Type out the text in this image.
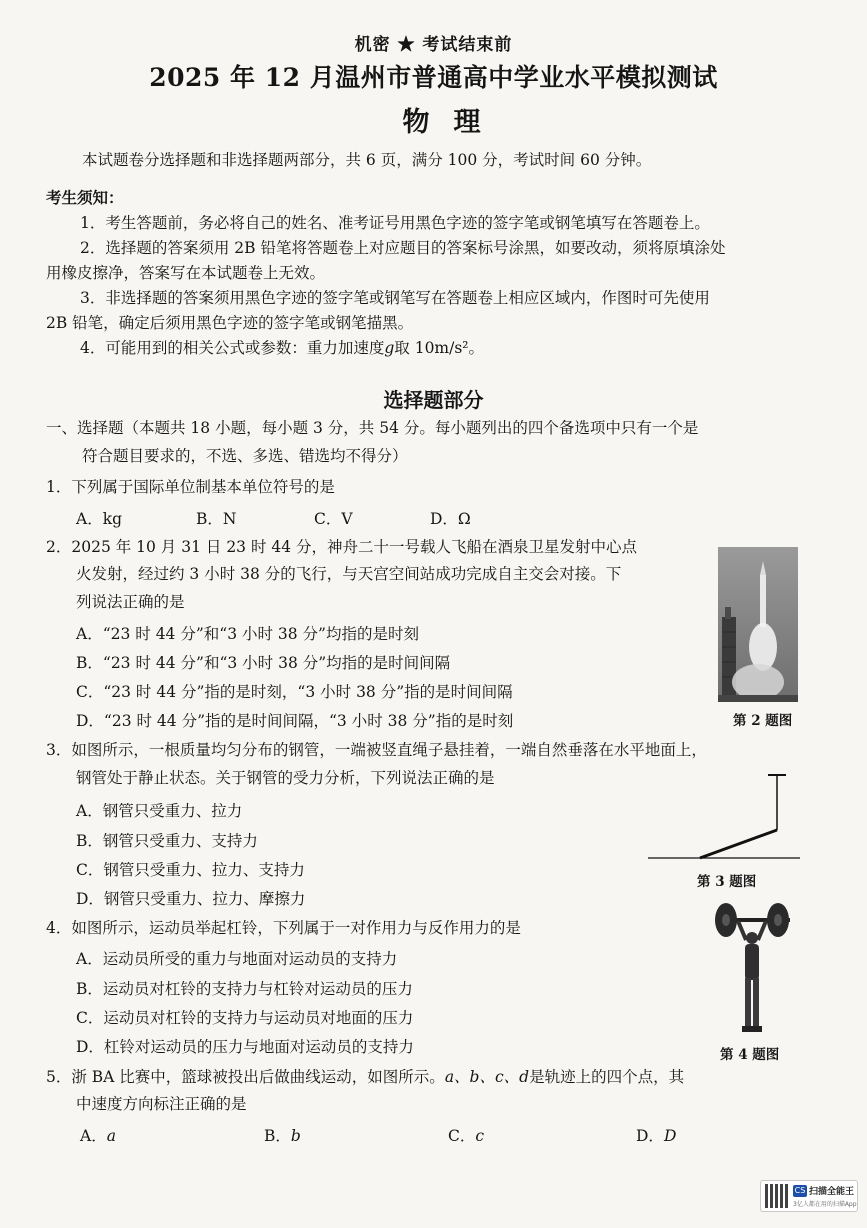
机密 ★ 考试结束前
2025 年 12 月温州市普通高中学业水平模拟测试
物理
本试题卷分选择题和非选择题两部分，共 6 页，满分 100 分，考试时间 60 分钟。
考生须知：
1．考生答题前，务必将自己的姓名、准考证号用黑色字迹的签字笔或钢笔填写在答题卷上。
2．选择题的答案须用 2B 铅笔将答题卷上对应题目的答案标号涂黑，如要改动，须将原填涂处
用橡皮擦净，答案写在本试题卷上无效。
3．非选择题的答案须用黑色字迹的签字笔或钢笔写在答题卷上相应区域内，作图时可先使用
2B 铅笔，确定后须用黑色字迹的签字笔或钢笔描黑。
4．可能用到的相关公式或参数：重力加速度𝑔取 10m/s²。
选择题部分
一、选择题（本题共 18 小题，每小题 3 分，共 54 分。每小题列出的四个备选项中只有一个是
符合题目要求的，不选、多选、错选均不得分）
1．下列属于国际单位制基本单位符号的是
A．kg	B．N	C．V	D．Ω
2．2025 年 10 月 31 日 23 时 44 分，神舟二十一号载人飞船在酒泉卫星发射中心点
火发射，经过约 3 小时 38 分的飞行，与天宫空间站成功完成自主交会对接。下
列说法正确的是
A．“23 时 44 分”和“3 小时 38 分”均指的是时刻
B．“23 时 44 分”和“3 小时 38 分”均指的是时间间隔
C．“23 时 44 分”指的是时刻，“3 小时 38 分”指的是时间间隔
D．“23 时 44 分”指的是时间间隔，“3 小时 38 分”指的是时刻	第 2 题图
3．如图所示，一根质量均匀分布的钢管，一端被竖直绳子悬挂着，一端自然垂落在水平地面上，
钢管处于静止状态。关于钢管的受力分析，下列说法正确的是
A．钢管只受重力、拉力
B．钢管只受重力、支持力
C．钢管只受重力、拉力、支持力
D．钢管只受重力、拉力、摩擦力
第 3 题图
4．如图所示，运动员举起杠铃，下列属于一对作用力与反作用力的是
A．运动员所受的重力与地面对运动员的支持力
B．运动员对杠铃的支持力与杠铃对运动员的压力
C．运动员对杠铃的支持力与运动员对地面的压力
D．杠铃对运动员的压力与地面对运动员的支持力	第 4 题图
5．浙 BA 比赛中，篮球被投出后做曲线运动，如图所示。a、b、c、d是轨迹上的四个点，其
中速度方向标注正确的是
A．a	B．b	C．c	D．D
CS 扫描全能王
3亿人都在用的扫描App
